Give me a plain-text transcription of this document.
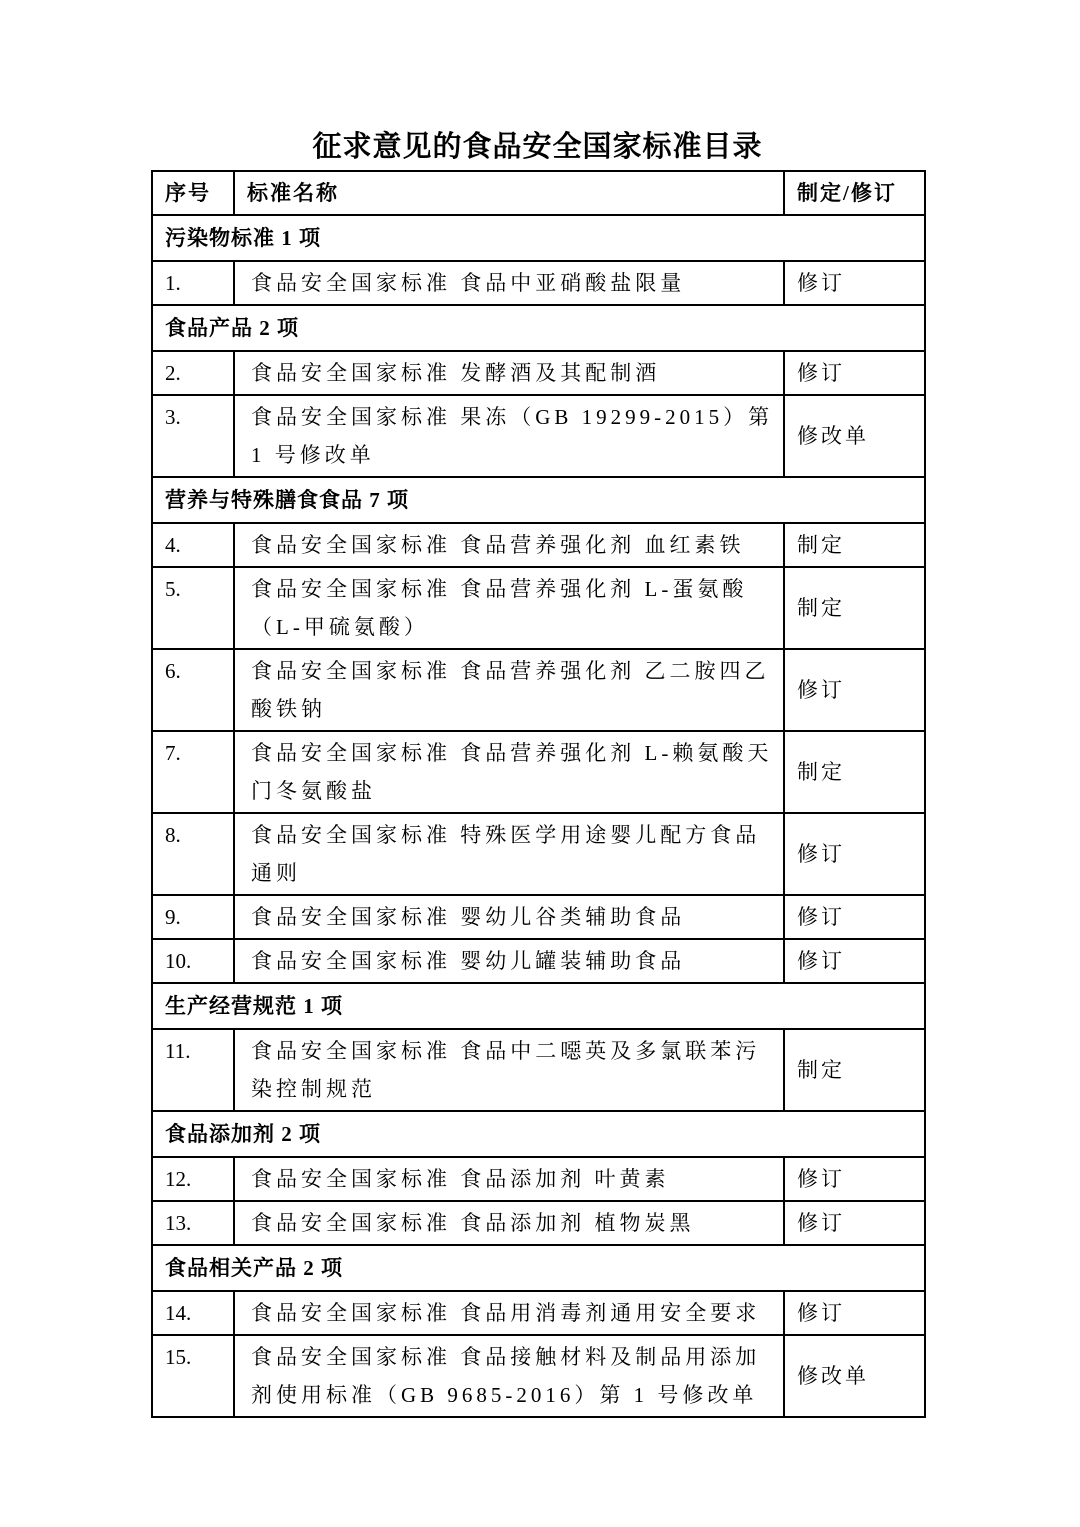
征求意见的食品安全国家标准目录
序号	标准名称	制定/修订
污染物标准 1 项		
1.	食品安全国家标准 食品中亚硝酸盐限量	修订
食品产品 2 项		
2.	食品安全国家标准 发酵酒及其配制酒	修订
3.	食品安全国家标准 果冻（GB 19299-2015）第 1 号修改单	修改单
营养与特殊膳食食品 7 项		
4.	食品安全国家标准 食品营养强化剂 血红素铁	制定
5.	食品安全国家标准 食品营养强化剂 L-蛋氨酸（L-甲硫氨酸）	制定
6.	食品安全国家标准 食品营养强化剂 乙二胺四乙酸铁钠	修订
7.	食品安全国家标准 食品营养强化剂 L-赖氨酸天门冬氨酸盐	制定
8.	食品安全国家标准 特殊医学用途婴儿配方食品通则	修订
9.	食品安全国家标准 婴幼儿谷类辅助食品	修订
10.	食品安全国家标准 婴幼儿罐装辅助食品	修订
生产经营规范 1 项		
11.	食品安全国家标准 食品中二噁英及多氯联苯污染控制规范	制定
食品添加剂 2 项		
12.	食品安全国家标准 食品添加剂 叶黄素	修订
13.	食品安全国家标准 食品添加剂 植物炭黑	修订
食品相关产品 2 项		
14.	食品安全国家标准 食品用消毒剂通用安全要求	修订
15.	食品安全国家标准 食品接触材料及制品用添加剂使用标准（GB 9685-2016）第 1 号修改单	修改单
